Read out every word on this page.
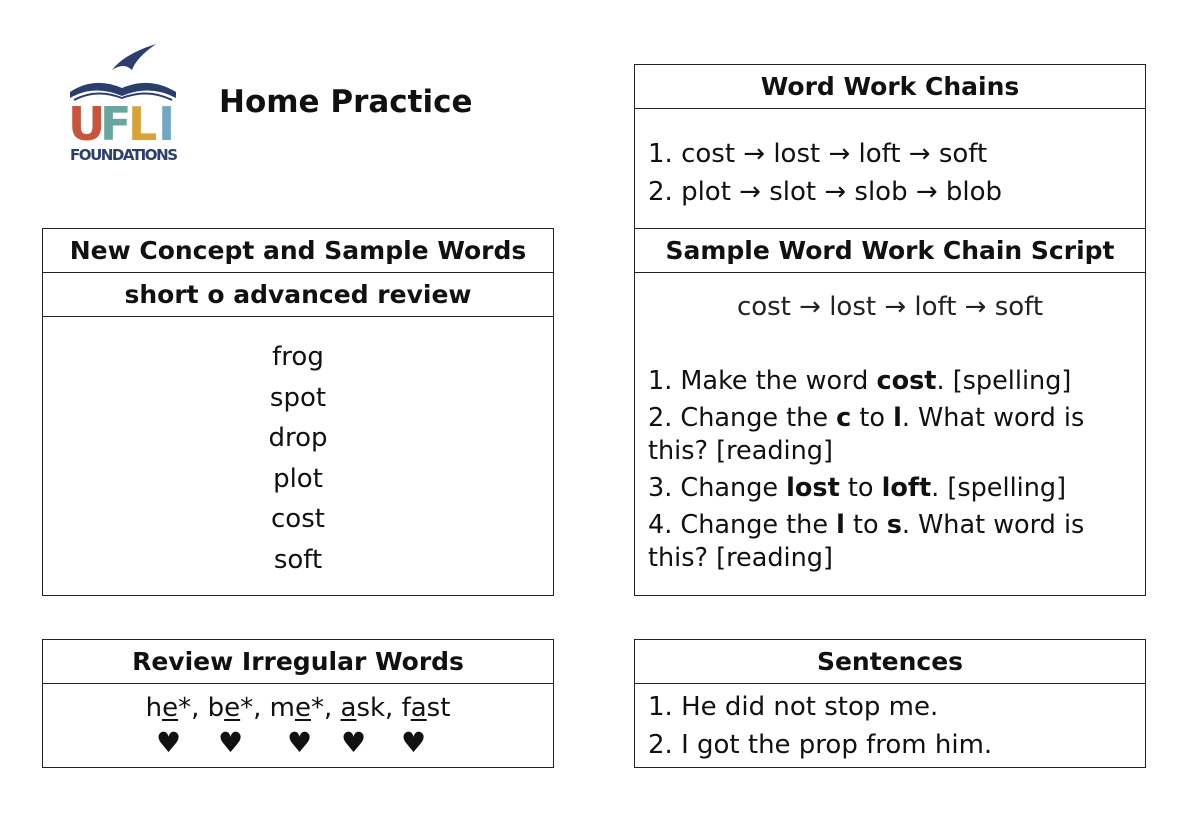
U
F
L I
FOUNDATIONS
Home Practice
New Concept and Sample Words
short o advanced review
frog
spot
drop
plot
cost
soft
Review Irregular Words
he*, be*, me*, ask, fast
♥ ♥ ♥ ♥ ♥
Word Work Chains
1. cost → lost → loft → soft
2. plot → slot → slob → blob
Sample Word Work Chain Script
cost → lost → loft → soft
1. Make the word cost. [spelling]
2. Change the c to l. What word is this? [reading]
3. Change lost to loft. [spelling]
4. Change the l to s. What word is this? [reading]
Sentences
1. He did not stop me.
2. I got the prop from him.
